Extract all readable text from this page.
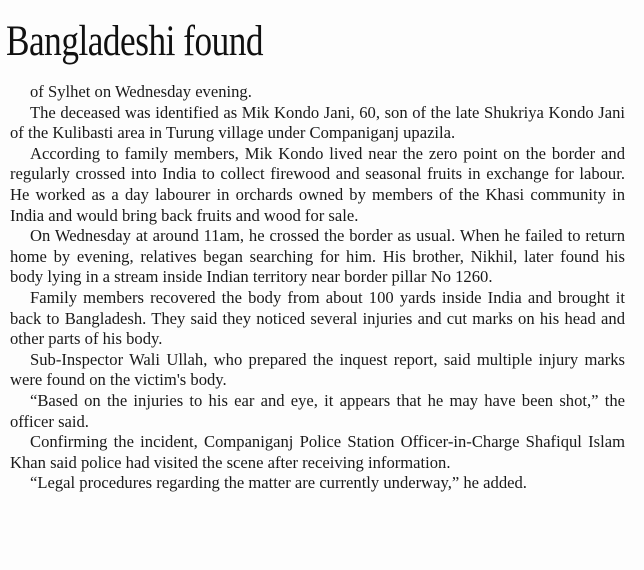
Bangladeshi found

of Sylhet on Wednesday evening.

The deceased was identified as Mik Kondo Jani, 60, son of the late Shukriya Kondo Jani of the Kulibasti area in Turung village under Companiganj upazila.

According to family members, Mik Kondo lived near the zero point on the border and regularly crossed into India to collect firewood and seasonal fruits in exchange for labour. He worked as a day labourer in orchards owned by members of the Khasi community in India and would bring back fruits and wood for sale.

On Wednesday at around 11am, he crossed the border as usual. When he failed to return home by evening, relatives began searching for him. His brother, Nikhil, later found his body lying in a stream inside Indian territory near border pillar No 1260.

Family members recovered the body from about 100 yards inside India and brought it back to Bangladesh. They said they noticed several injuries and cut marks on his head and other parts of his body.

Sub-Inspector Wali Ullah, who prepared the inquest report, said multiple injury marks were found on the victim's body.

“Based on the injuries to his ear and eye, it appears that he may have been shot,” the officer said.

Confirming the incident, Companiganj Police Station Officer-in-Charge Shafiqul Islam Khan said police had visited the scene after receiving information.

“Legal procedures regarding the matter are currently underway,” he added.
